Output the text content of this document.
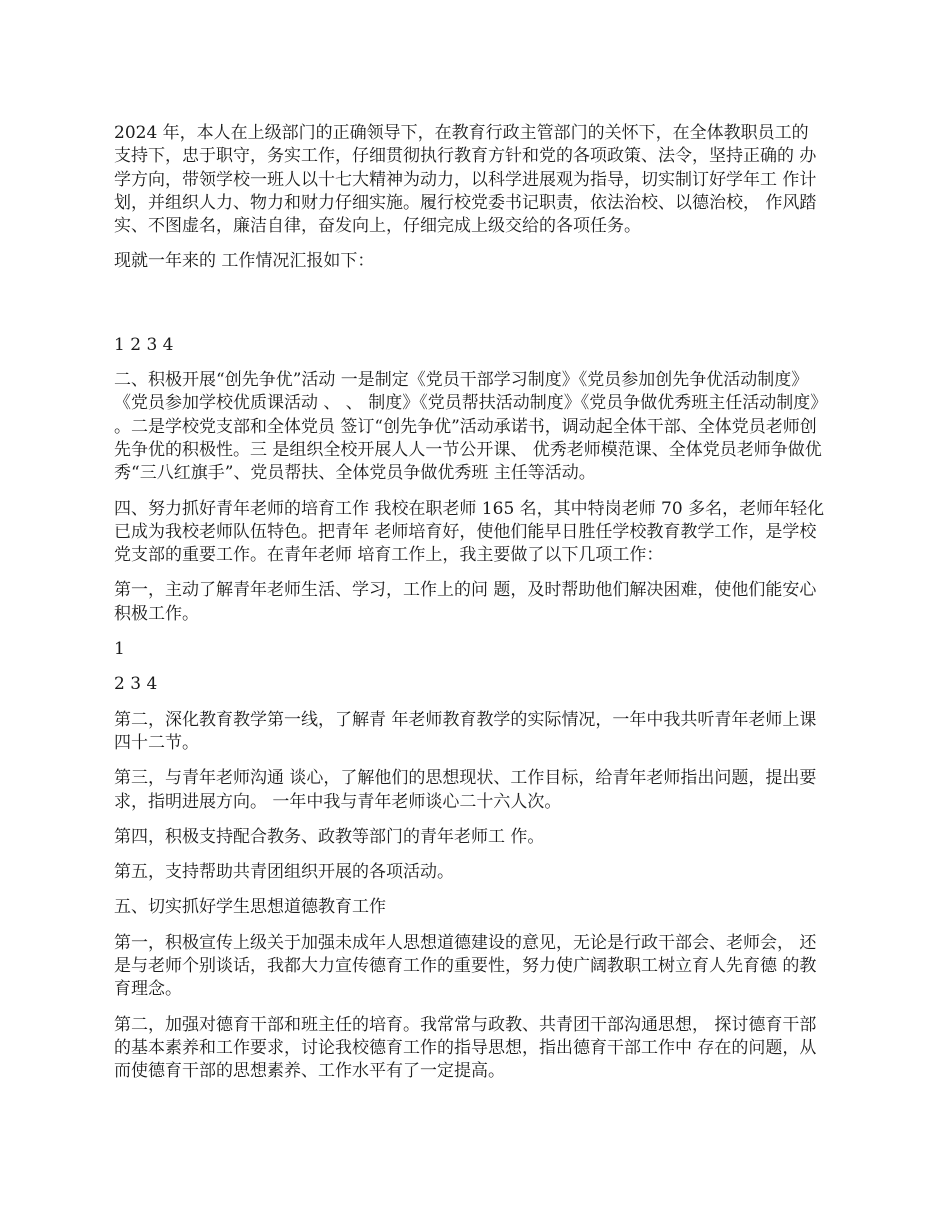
2024 年，本人在上级部门的正确领导下，在教育行政主管部门的关怀下，在全体教职员工的 支持下，忠于职守，务实工作，仔细贯彻执行教育方针和党的各项政策、法令，坚持正确的 办学方向，带领学校一班人以十七大精神为动力，以科学进展观为指导，切实制订好学年工 作计划，并组织人力、物力和财力仔细实施。履行校党委书记职责，依法治校、以德治校， 作风踏实、不图虚名，廉洁自律，奋发向上，仔细完成上级交给的各项任务。

现就一年来的 工作情况汇报如下：

1 2 3 4

二、积极开展“创先争优”活动 一是制定《党员干部学习制度》《党员参加创先争优活动制度》《党员参加学校优质课活动 、 、 制度》《党员帮扶活动制度》《党员争做优秀班主任活动制度》 。二是学校党支部和全体党员 签订“创先争优”活动承诺书，调动起全体干部、全体党员老师创先争优的积极性。三 是组织全校开展人人一节公开课、 优秀老师模范课、全体党员老师争做优秀“三八红旗手”、党员帮扶、全体党员争做优秀班 主任等活动。

四、努力抓好青年老师的培育工作 我校在职老师 165 名，其中特岗老师 70 多名，老师年轻化已成为我校老师队伍特色。把青年 老师培育好，使他们能早日胜任学校教育教学工作，是学校党支部的重要工作。在青年老师 培育工作上，我主要做了以下几项工作：

第一，主动了解青年老师生活、学习，工作上的问 题，及时帮助他们解决困难，使他们能安心积极工作。

1

2 3 4

第二，深化教育教学第一线，了解青 年老师教育教学的实际情况，一年中我共听青年老师上课四十二节。

第三，与青年老师沟通 谈心，了解他们的思想现状、工作目标，给青年老师指出问题，提出要求，指明进展方向。 一年中我与青年老师谈心二十六人次。

第四，积极支持配合教务、政教等部门的青年老师工 作。

第五，支持帮助共青团组织开展的各项活动。

五、切实抓好学生思想道德教育工作

第一，积极宣传上级关于加强未成年人思想道德建设的意见，无论是行政干部会、老师会， 还是与老师个别谈话，我都大力宣传德育工作的重要性，努力使广阔教职工树立育人先育德 的教育理念。

第二，加强对德育干部和班主任的培育。我常常与政教、共青团干部沟通思想， 探讨德育干部的基本素养和工作要求，讨论我校德育工作的指导思想，指出德育干部工作中 存在的问题，从而使德育干部的思想素养、工作水平有了一定提高。
